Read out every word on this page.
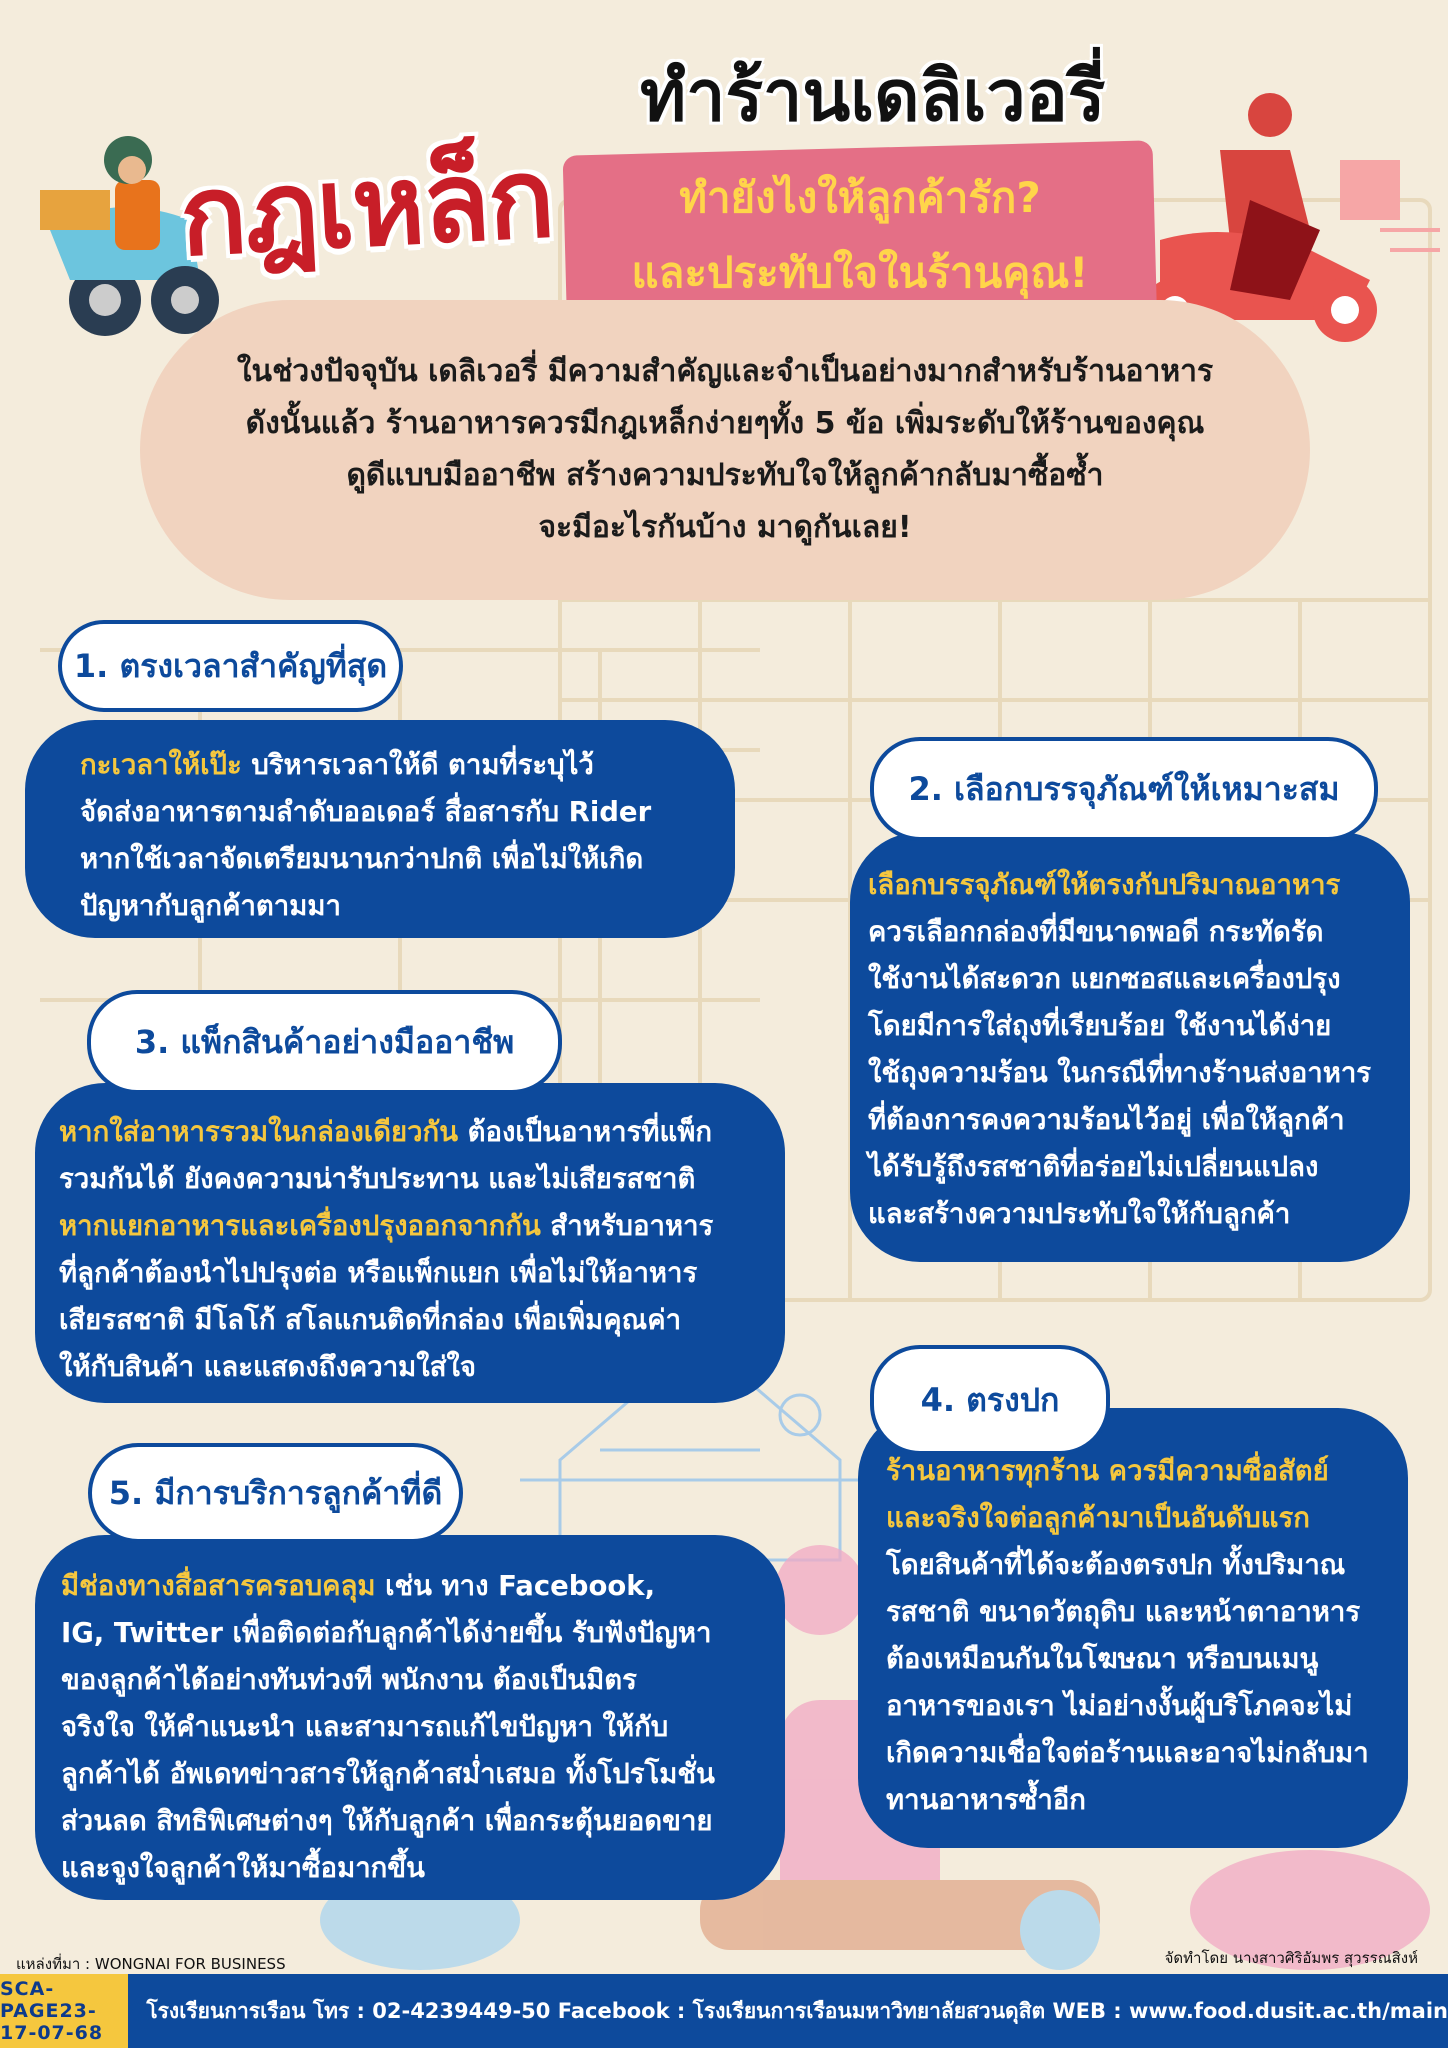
ทำร้านเดลิเวอรี่
กฎเหล็ก	ทำยังไงให้ลูกค้ารัก?
และประทับใจในร้านคุณ!

ในช่วงปัจจุบัน เดลิเวอรี่ มีความสำคัญและจำเป็นอย่างมากสำหรับร้านอาหาร

ดังนั้นแล้ว ร้านอาหารควรมีกฎเหล็กง่ายๆทั้ง 5 ข้อ เพิ่มระดับให้ร้านของคุณ

ดูดีแบบมืออาชีพ สร้างความประทับใจให้ลูกค้ากลับมาซื้อซ้ำ

จะมีอะไรกันบ้าง มาดูกันเลย!

กะเวลาให้เป๊ะ บริหารเวลาให้ดี ตามที่ระบุไว้

จัดส่งอาหารตามลำดับออเดอร์ สื่อสารกับ Rider

หากใช้เวลาจัดเตรียมนานกว่าปกติ เพื่อไม่ให้เกิด

ปัญหากับลูกค้าตามมา

1. ตรงเวลาสำคัญที่สุด

เลือกบรรจุภัณฑ์ให้ตรงกับปริมาณอาหาร

ควรเลือกกล่องที่มีขนาดพอดี กระทัดรัด

ใช้งานได้สะดวก แยกซอสและเครื่องปรุง

โดยมีการใส่ถุงที่เรียบร้อย ใช้งานได้ง่าย

ใช้ถุงความร้อน ในกรณีที่ทางร้านส่งอาหาร

ที่ต้องการคงความร้อนไว้อยู่ เพื่อให้ลูกค้า

ได้รับรู้ถึงรสชาติที่อร่อยไม่เปลี่ยนแปลง

และสร้างความประทับใจให้กับลูกค้า

2. เลือกบรรจุภัณฑ์ให้เหมาะสม

หากใส่อาหารรวมในกล่องเดียวกัน ต้องเป็นอาหารที่แพ็ก

รวมกันได้ ยังคงความน่ารับประทาน และไม่เสียรสชาติ

หากแยกอาหารและเครื่องปรุงออกจากกัน สำหรับอาหาร

ที่ลูกค้าต้องนำไปปรุงต่อ หรือแพ็กแยก เพื่อไม่ให้อาหาร

เสียรสชาติ มีโลโก้ สโลแกนติดที่กล่อง เพื่อเพิ่มคุณค่า

ให้กับสินค้า และแสดงถึงความใส่ใจ

3. แพ็กสินค้าอย่างมืออาชีพ

ร้านอาหารทุกร้าน ควรมีความซื่อสัตย์

และจริงใจต่อลูกค้ามาเป็นอันดับแรก

โดยสินค้าที่ได้จะต้องตรงปก ทั้งปริมาณ

รสชาติ ขนาดวัตถุดิบ และหน้าตาอาหาร

ต้องเหมือนกันในโฆษณา หรือบนเมนู

อาหารของเรา ไม่อย่างงั้นผู้บริโภคจะไม่

เกิดความเชื่อใจต่อร้านและอาจไม่กลับมา

ทานอาหารซ้ำอีก

4. ตรงปก

มีช่องทางสื่อสารครอบคลุม เช่น ทาง Facebook,

IG, Twitter เพื่อติดต่อกับลูกค้าได้ง่ายขึ้น รับฟังปัญหา

ของลูกค้าได้อย่างทันท่วงที พนักงาน ต้องเป็นมิตร

จริงใจ ให้คำแนะนำ และสามารถแก้ไขปัญหา ให้กับ

ลูกค้าได้ อัพเดทข่าวสารให้ลูกค้าสม่ำเสมอ ทั้งโปรโมชั่น

ส่วนลด สิทธิพิเศษต่างๆ ให้กับลูกค้า เพื่อกระตุ้นยอดขาย

และจูงใจลูกค้าให้มาซื้อมากขึ้น

5. มีการบริการลูกค้าที่ดี
แหล่งที่มา : WONGNAI FOR BUSINESS	จัดทำโดย นางสาวศิริอัมพร สุวรรณสิงห์
SCA-PAGE23-17-07-68
โรงเรียนการเรือน โทร : 02-4239449-50 Facebook : โรงเรียนการเรือนมหาวิทยาลัยสวนดุสิต WEB : www.food.dusit.ac.th/main
